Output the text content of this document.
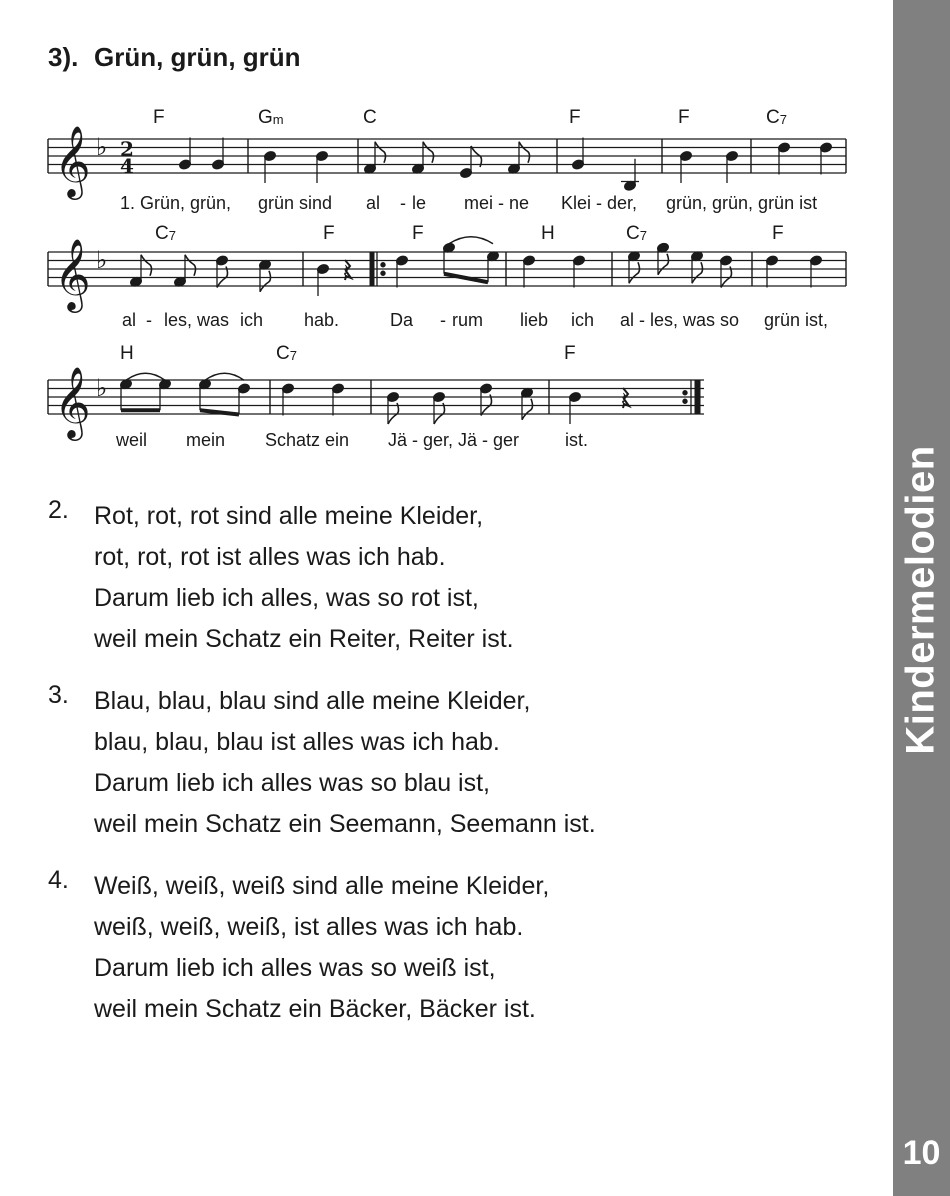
3). Grün, grün, grün
𝄞 ♭ 2
4
F	Gm	C	F	F	C7
1. Grün, grün, grün sind al - le mei - ne Klei - der, grün, grün, grün ist
𝄞 ♭	𝄽
C7	F	F	H	C7	F
al - les, was ich hab.	Da - rum lieb ich al - les, was so grün ist,
𝄞 ♭	𝄽
H	C7	F
weil mein Schatz ein Jä - ger, Jä - ger	ist.
2.	Rot, rot, rot sind alle meine Kleider,
rot, rot, rot ist alles was ich hab.
Darum lieb ich alles, was so rot ist,
weil mein Schatz ein Reiter, Reiter ist.
3.	Blau, blau, blau sind alle meine Kleider,
blau, blau, blau ist alles was ich hab.
Darum lieb ich alles was so blau ist,
weil mein Schatz ein Seemann, Seemann ist.
4.	Weiß, weiß, weiß sind alle meine Kleider,
weiß, weiß, weiß, ist alles was ich hab.
Darum lieb ich alles was so weiß ist,
weil mein Schatz ein Bäcker, Bäcker ist.
Kindermelodien
10
